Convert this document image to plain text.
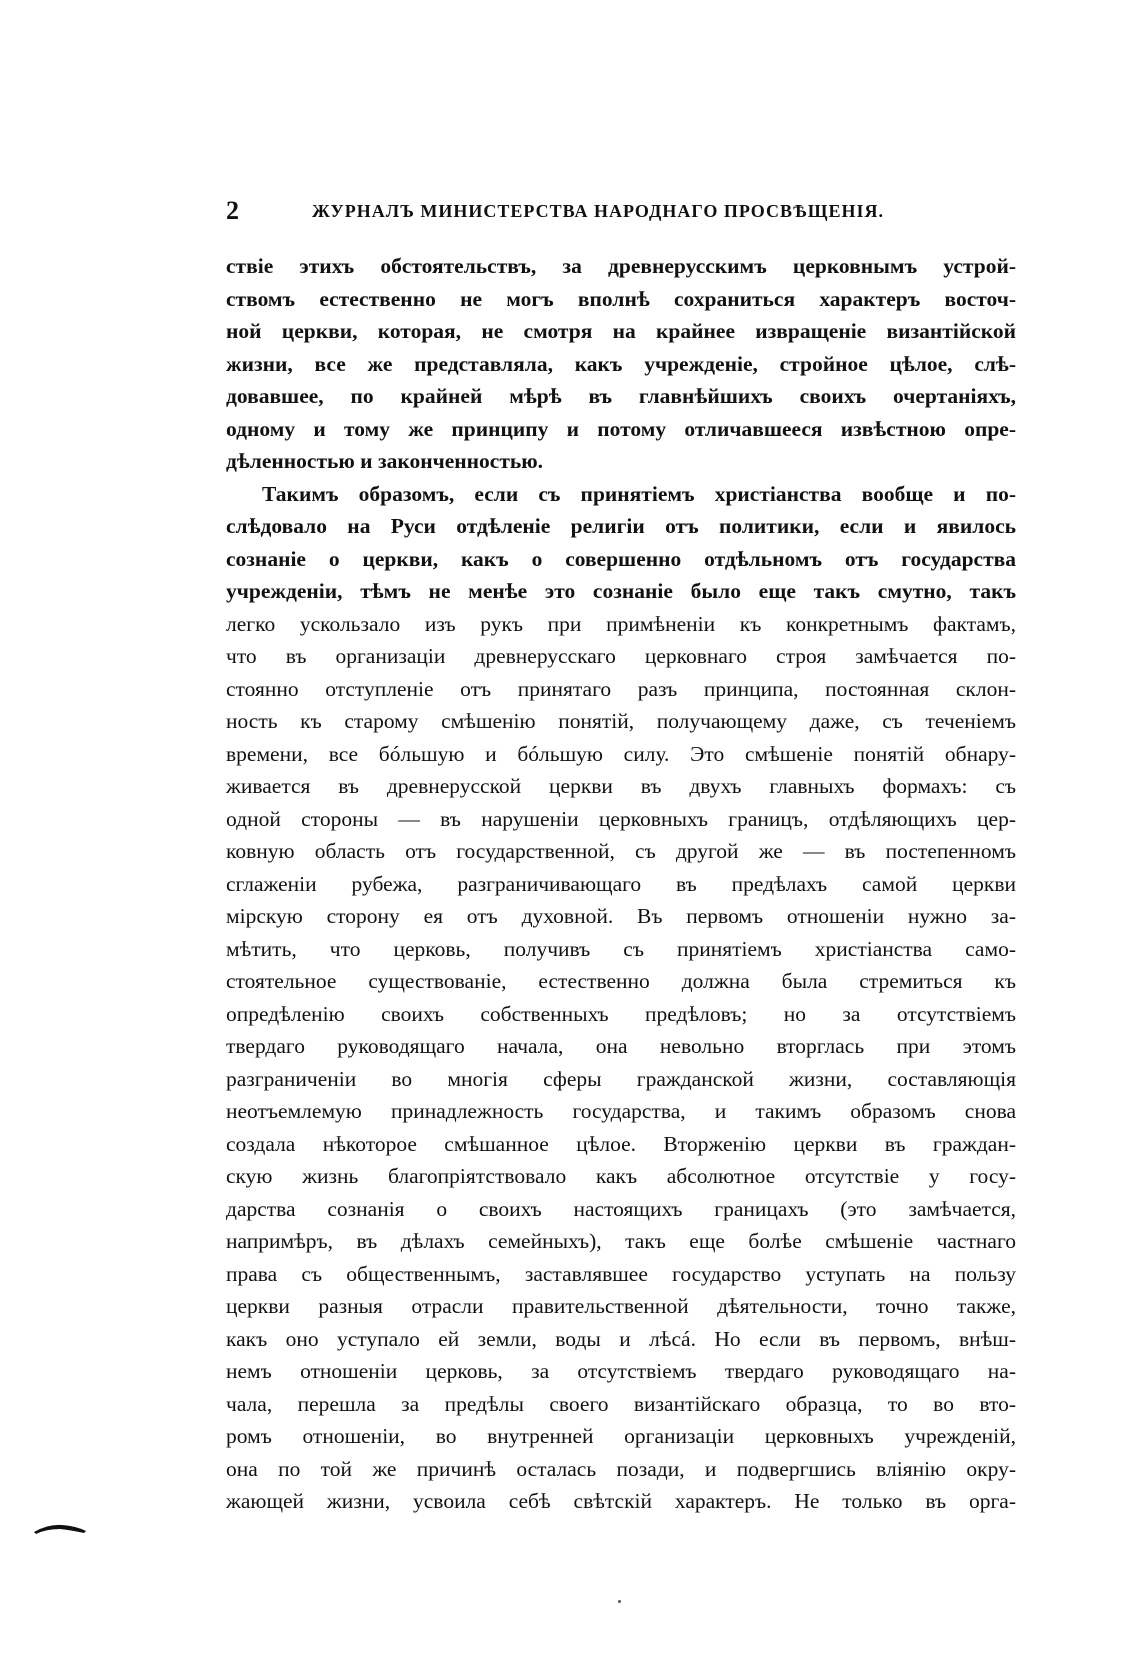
2	ЖУРНАЛЪ МИНИСТЕРСТВА НАРОДНАГО ПРОСВѢЩЕНІЯ.
ствіе этихъ обстоятельствъ, за древнерусскимъ церковнымъ устрой-
ствомъ естественно не могъ вполнѣ сохраниться характеръ восточ-
ной церкви, которая, не смотря на крайнее извращеніе византійской
жизни, все же представляла, какъ учрежденіе, стройное цѣлое, слѣ-
довавшее, по крайней мѣрѣ въ главнѣйшихъ своихъ очертаніяхъ,
одному и тому же принципу и потому отличавшееся извѣстною опре-
дѣленностью и законченностью.
Такимъ образомъ, если съ принятіемъ христіанства вообще и по-
слѣдовало на Руси отдѣленіе религіи отъ политики, если и явилось
сознаніе о церкви, какъ о совершенно отдѣльномъ отъ государства
учрежденіи, тѣмъ не менѣе это сознаніе было еще такъ смутно, такъ
легко ускользало изъ рукъ при примѣненіи къ конкретнымъ фактамъ,
что въ организаціи древнерусскаго церковнаго строя замѣчается по-
стоянно отступленіе отъ принятаго разъ принципа, постоянная склон-
ность къ старому смѣшенію понятій, получающему даже, съ теченіемъ
времени, все бóльшую и бóльшую силу. Это смѣшеніе понятій обнару-
живается въ древнерусской церкви въ двухъ главныхъ формахъ: съ
одной стороны — въ нарушеніи церковныхъ границъ, отдѣляющихъ цер-
ковную область отъ государственной, съ другой же — въ постепенномъ
сглаженіи рубежа, разграничивающаго въ предѣлахъ самой церкви
мірскую сторону ея отъ духовной. Въ первомъ отношеніи нужно за-
мѣтить, что церковь, получивъ съ принятіемъ христіанства само-
стоятельное существованіе, естественно должна была стремиться къ
опредѣленію своихъ собственныхъ предѣловъ; но за отсутствіемъ
твердаго руководящаго начала, она невольно вторглась при этомъ
разграниченіи во многія сферы гражданской жизни, составляющія
неотъемлемую принадлежность государства, и такимъ образомъ снова
создала нѣкоторое смѣшанное цѣлое. Вторженію церкви въ граждан-
скую жизнь благопріятствовало какъ абсолютное отсутствіе у госу-
дарства сознанія о своихъ настоящихъ границахъ (это замѣчается,
напримѣръ, въ дѣлахъ семейныхъ), такъ еще болѣе смѣшеніе частнаго
права съ общественнымъ, заставлявшее государство уступать на пользу
церкви разныя отрасли правительственной дѣятельности, точно также,
какъ оно уступало ей земли, воды и лѣсá. Но если въ первомъ, внѣш-
немъ отношеніи церковь, за отсутствіемъ твердаго руководящаго на-
чала, перешла за предѣлы своего византійскаго образца, то во вто-
ромъ отношеніи, во внутренней организаціи церковныхъ учрежденій,
она по той же причинѣ осталась позади, и подвергшись вліянію окру-
жающей жизни, усвоила себѣ свѣтскій характеръ. Не только въ орга-
